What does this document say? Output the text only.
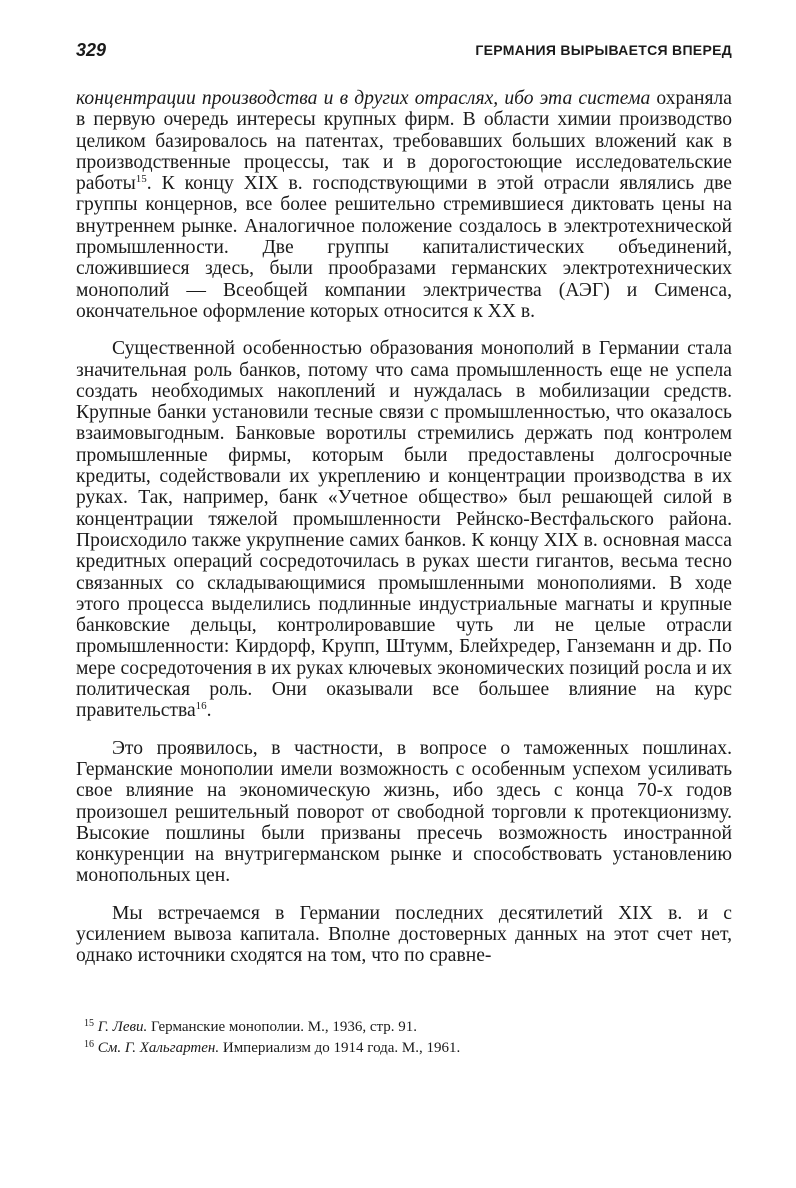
329	ГЕРМАНИЯ ВЫРЫВАЕТСЯ ВПЕРЕД

концентрации производства и в других отраслях, ибо эта система охраняла в первую очередь интересы крупных фирм. В области химии производство целиком базировалось на патентах, требовавших больших вложений как в производственные процессы, так и в дорогостоющие исследовательские работы$^{15}$. К концу XIX в. господствующими в этой отрасли являлись две группы концернов, все более решительно стремившиеся диктовать цены на внутреннем рынке. Аналогичное положение создалось в электротехнической промышленности. Две группы капиталистических объединений, сложившиеся здесь, были прообразами германских электротехнических монополий — Всеобщей компании электричества (АЭГ) и Сименса, окончательное оформление которых относится к XX в.

Существенной особенностью образования монополий в Германии стала значительная роль банков, потому что сама промышленность еще не успела создать необходимых накоплений и нуждалась в мобилизации средств. Крупные банки установили тесные связи с промышленностью, что оказалось взаимовыгодным. Банковые воротилы стремились держать под контролем промышленные фирмы, которым были предоставлены долгосрочные кредиты, содействовали их укреплению и концентрации производства в их руках. Так, например, банк «Учетное общество» был решающей силой в концентрации тяжелой промышленности Рейнско-Вестфальского района. Происходило также укрупнение самих банков. К концу XIX в. основная масса кредитных операций сосредоточилась в руках шести гигантов, весьма тесно связанных со складывающимися промышленными монополиями. В ходе этого процесса выделились подлинные индустриальные магнаты и крупные банковские дельцы, контролировавшие чуть ли не целые отрасли промышленности: Кирдорф, Крупп, Штумм, Блейхредер, Ганземанн и др. По мере сосредоточения в их руках ключевых экономических позиций росла и их политическая роль. Они оказывали все большее влияние на курс правительства$^{16}$.

Это проявилось, в частности, в вопросе о таможенных пошлинах. Германские монополии имели возможность с особенным успехом усиливать свое влияние на экономическую жизнь, ибо здесь с конца 70-х годов произошел решительный поворот от свободной торговли к протекционизму. Высокие пошлины были призваны пресечь возможность иностранной конкуренции на внутригерманском рынке и способствовать установлению монопольных цен.

Мы встречаемся в Германии последних десятилетий XIX в. и с усилением вывоза капитала. Вполне достоверных данных на этот счет нет, однако источники сходятся на том, что по сравне-

$^{15}$ Г. Леви. Германские монополии. М., 1936, стр. 91.

$^{16}$ См. Г. Хальгартен. Империализм до 1914 года. М., 1961.
